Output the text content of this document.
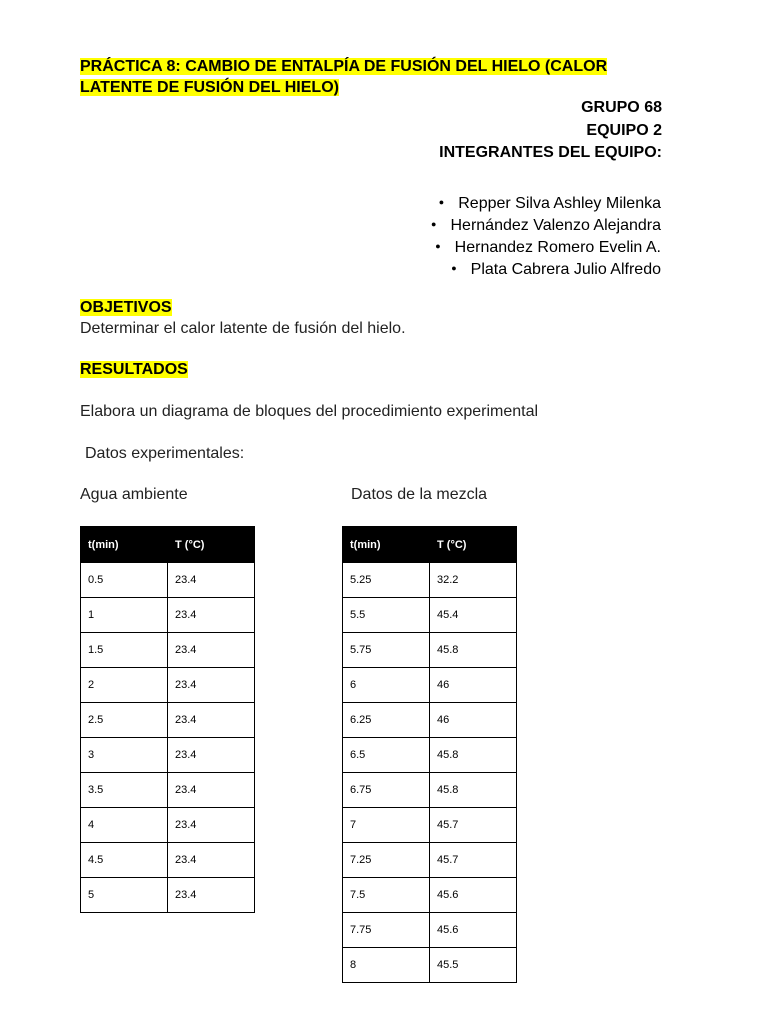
PRÁCTICA 8: CAMBIO DE ENTALPÍA DE FUSIÓN DEL HIELO (CALOR
LATENTE DE FUSIÓN DEL HIELO)
GRUPO 68
EQUIPO 2
INTEGRANTES DEL EQUIPO:
● Repper Silva Ashley Milenka
● Hernández Valenzo Alejandra
● Hernandez Romero Evelin A.
● Plata Cabrera Julio Alfredo
OBJETIVOS
Determinar el calor latente de fusión del hielo.
RESULTADOS
Elabora un diagrama de bloques del procedimiento experimental
Datos experimentales:
Agua ambiente	Datos de la mezcla
t(min)	T (°C)
0.5	23.4
1	23.4
1.5	23.4
2	23.4
2.5	23.4
3	23.4
3.5	23.4
4	23.4
4.5	23.4
5	23.4
t(min)	T (°C)
5.25	32.2
5.5	45.4
5.75	45.8
6	46
6.25	46
6.5	45.8
6.75	45.8
7	45.7
7.25	45.7
7.5	45.6
7.75	45.6
8	45.5
